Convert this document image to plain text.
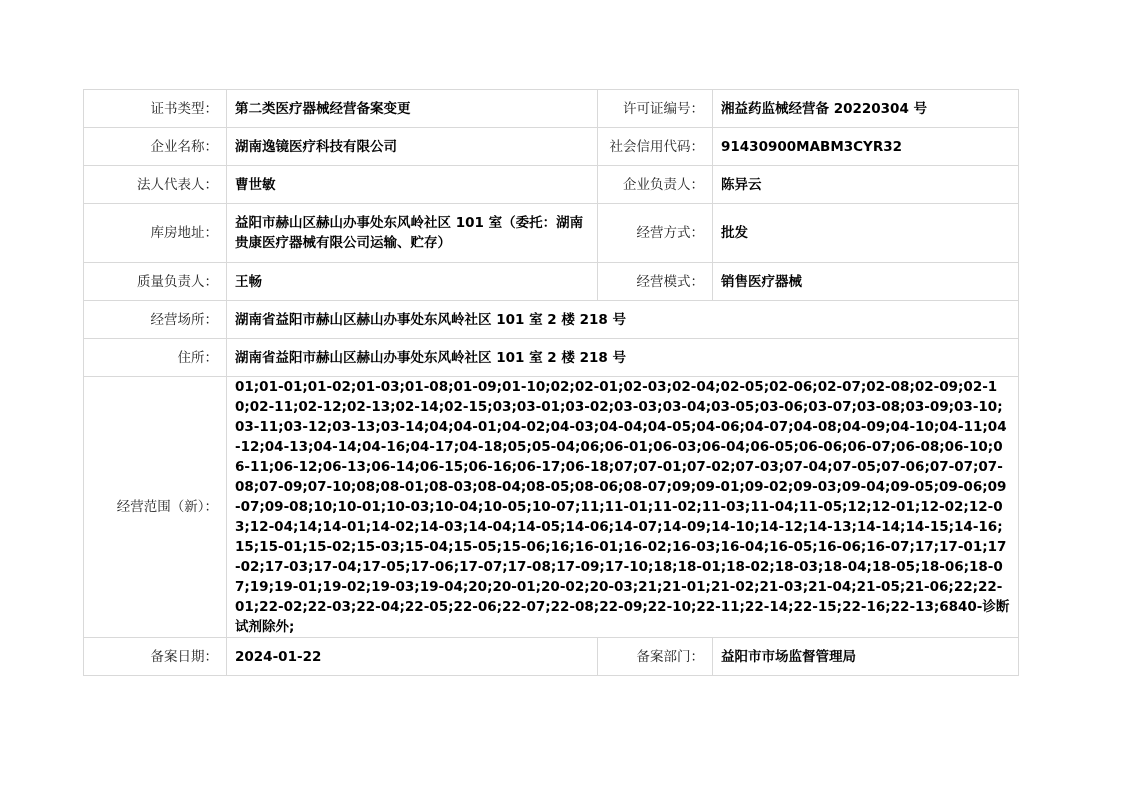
证书类型：	第二类医疗器械经营备案变更	许可证编号：	湘益药监械经营备 20220304 号
企业名称：	湖南逸镜医疗科技有限公司	社会信用代码：	91430900MABM3CYR32
法人代表人：	曹世敏	企业负责人：	陈异云
库房地址：	益阳市赫山区赫山办事处东风岭社区 101 室（委托：湖南贵康医疗器械有限公司运输、贮存）	经营方式：	批发
质量负责人：	王畅	经营模式：	销售医疗器械
经营场所：	湖南省益阳市赫山区赫山办事处东风岭社区 101 室 2 楼 218 号		
住所：	湖南省益阳市赫山区赫山办事处东风岭社区 101 室 2 楼 218 号		
经营范围（新）：	01;01-01;01-02;01-03;01-08;01-09;01-10;02;02-01;02-03;02-04;02-05;02-06;02-07;02-08;02-09;02-10;02-11;02-12;02-13;02-14;02-15;03;03-01;03-02;03-03;03-04;03-05;03-06;03-07;03-08;03-09;03-10;03-11;03-12;03-13;03-14;04;04-01;04-02;04-03;04-04;04-05;04-06;04-07;04-08;04-09;04-10;04-11;04-12;04-13;04-14;04-16;04-17;04-18;05;05-04;06;06-01;06-03;06-04;06-05;06-06;06-07;06-08;06-10;06-11;06-12;06-13;06-14;06-15;06-16;06-17;06-18;07;07-01;07-02;07-03;07-04;07-05;07-06;07-07;07-08;07-09;07-10;08;08-01;08-03;08-04;08-05;08-06;08-07;09;09-01;09-02;09-03;09-04;09-05;09-06;09-07;09-08;10;10-01;10-03;10-04;10-05;10-07;11;11-01;11-02;11-03;11-04;11-05;12;12-01;12-02;12-03;12-04;14;14-01;14-02;14-03;14-04;14-05;14-06;14-07;14-09;14-10;14-12;14-13;14-14;14-15;14-16;15;15-01;15-02;15-03;15-04;15-05;15-06;16;16-01;16-02;16-03;16-04;16-05;16-06;16-07;17;17-01;17-02;17-03;17-04;17-05;17-06;17-07;17-08;17-09;17-10;18;18-01;18-02;18-03;18-04;18-05;18-06;18-07;19;19-01;19-02;19-03;19-04;20;20-01;20-02;20-03;21;21-01;21-02;21-03;21-04;21-05;21-06;22;22-01;22-02;22-03;22-04;22-05;22-06;22-07;22-08;22-09;22-10;22-11;22-14;22-15;22-16;22-13;6840-诊断试剂除外;		
备案日期：	2024-01-22	备案部门：	益阳市市场监督管理局
